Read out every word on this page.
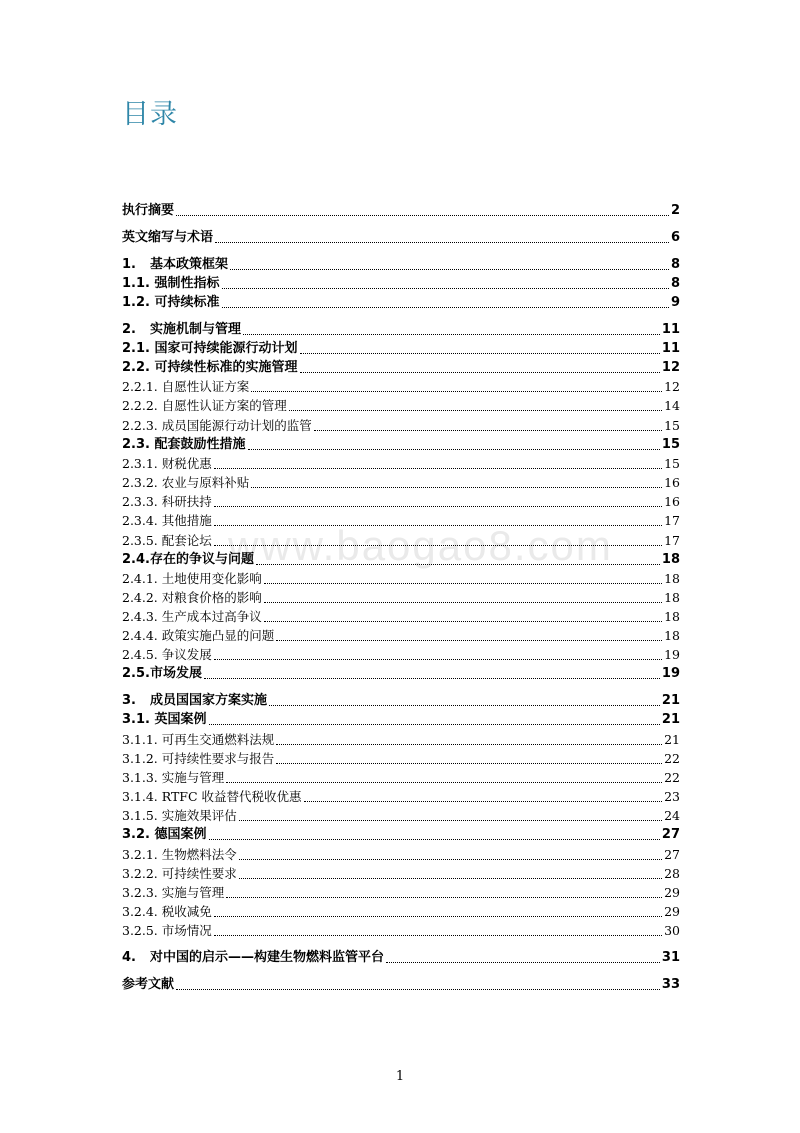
目录
www.baogao8.com
执行摘要	2
英文缩写与术语	6
1. 基本政策框架	8
1.1. 强制性指标	8
1.2. 可持续标准	9
2. 实施机制与管理	11
2.1. 国家可持续能源行动计划	11
2.2. 可持续性标准的实施管理	12
2.2.1. 自愿性认证方案	12
2.2.2. 自愿性认证方案的管理	14
2.2.3. 成员国能源行动计划的监管	15
2.3. 配套鼓励性措施	15
2.3.1. 财税优惠	15
2.3.2. 农业与原料补贴	16
2.3.3. 科研扶持	16
2.3.4. 其他措施	17
2.3.5. 配套论坛	17
2.4.存在的争议与问题	18
2.4.1. 土地使用变化影响	18
2.4.2. 对粮食价格的影响	18
2.4.3. 生产成本过高争议	18
2.4.4. 政策实施凸显的问题	18
2.4.5. 争议发展	19
2.5.市场发展	19
3. 成员国国家方案实施	21
3.1. 英国案例	21
3.1.1. 可再生交通燃料法规	21
3.1.2. 可持续性要求与报告	22
3.1.3. 实施与管理	22
3.1.4. RTFC 收益替代税收优惠	23
3.1.5. 实施效果评估	24
3.2. 德国案例	27
3.2.1. 生物燃料法令	27
3.2.2. 可持续性要求	28
3.2.3. 实施与管理	29
3.2.4. 税收减免	29
3.2.5. 市场情况	30
4. 对中国的启示——构建生物燃料监管平台	31
参考文献	33
1
